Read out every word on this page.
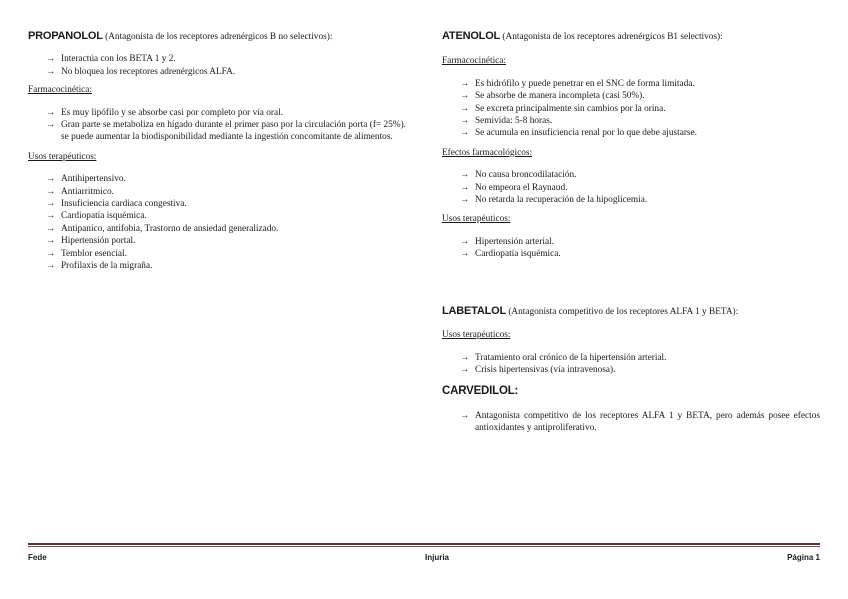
PROPANOLOL (Antagonista de los receptores adrenérgicos B no selectivos):

→ Interactúa con los BETA 1 y 2.
→ No bloquea los receptores adrenérgicos ALFA.

Farmacocinética:

→ Es muy lipófilo y se absorbe casi por completo por vía oral.
→ Gran parte se metaboliza en hígado durante el primer paso por la circulación porta (f= 25%). se puede aumentar la biodisponibilidad mediante la ingestión concomitante de alimentos.

Usos terapéuticos:

→ Antihipertensivo.
→ Antiarritmico.
→ Insuficiencia cardiaca congestiva.
→ Cardiopatía isquémica.
→ Antipanico, antifobia, Trastorno de ansiedad generalizado.
→ Hipertensión portal.
→ Temblor esencial.
→ Profilaxis de la migraña.

ATENOLOL (Antagonista de los receptores adrenérgicos B1 selectivos):

Farmacocinética:

→ Es hidrófilo y puede penetrar en el SNC de forma limitada.
→ Se absorbe de manera incompleta (casi 50%).
→ Se excreta principalmente sin cambios por la orina.
→ Semivida: 5-8 horas.
→ Se acumula en insuficiencia renal por lo que debe ajustarse.

Efectos farmacológicos:

→ No causa broncodilatación.
→ No empeora el Raynaud.
→ No retarda la recuperación de la hipoglicemia.

Usos terapéuticos:

→ Hipertensión arterial.
→ Cardiopatía isquémica.

LABETALOL (Antagonista competitivo de los receptores ALFA 1 y BETA):

Usos terapéuticos:

→ Tratamiento oral crónico de la hipertensión arterial.
→ Crisis hipertensivas (vía intravenosa).

CARVEDILOL:

→ Antagonista competitivo de los receptores ALFA 1 y BETA, pero además posee efectos antioxidantes y antiproliferativo.
Fede	Injuria	Página 1
